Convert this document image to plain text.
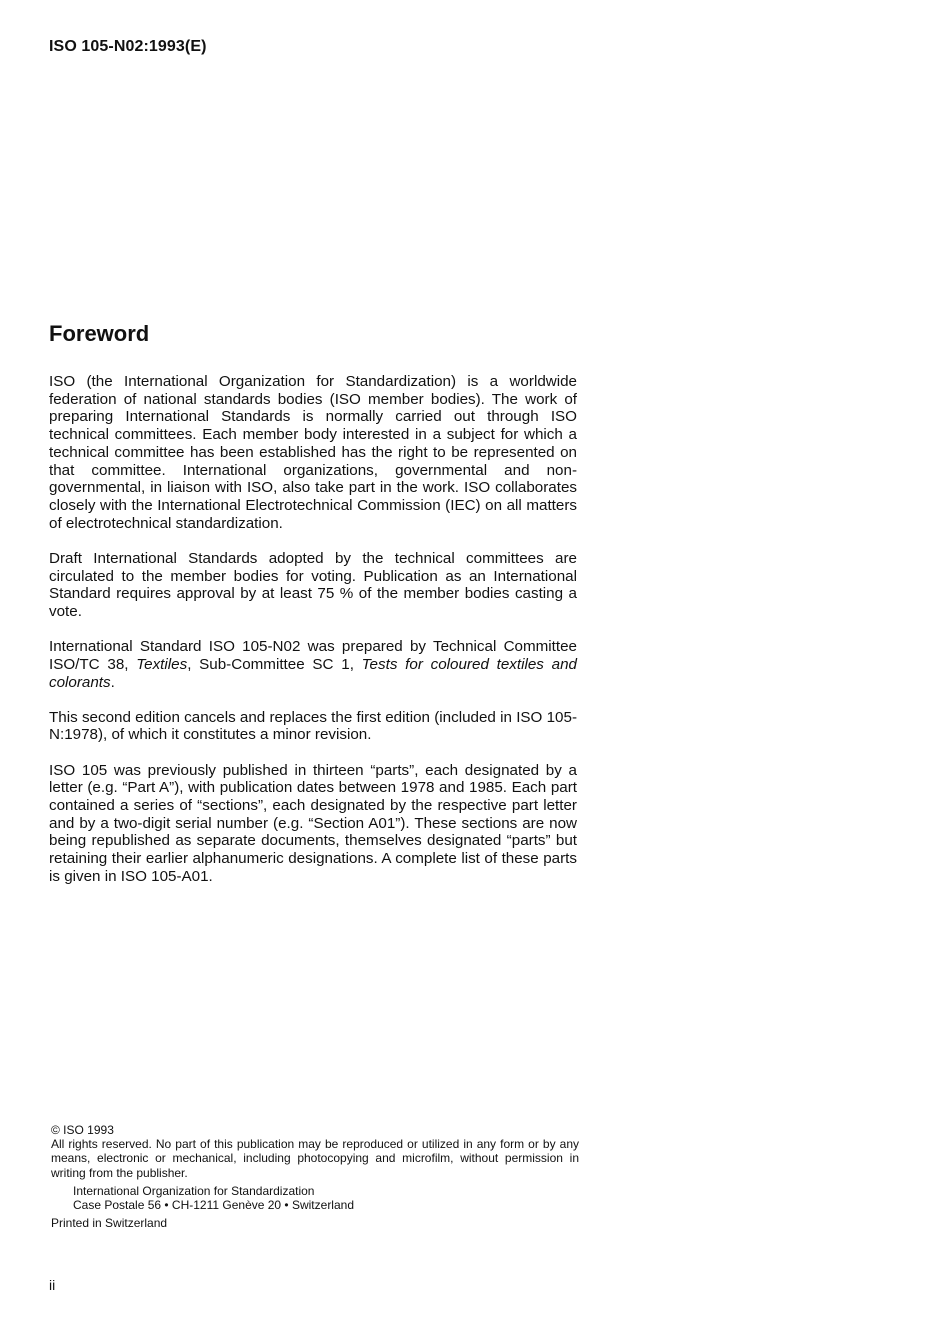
ISO 105-N02:1993(E)
Foreword

ISO (the International Organization for Standardization) is a worldwide federation of national standards bodies (ISO member bodies). The work of preparing International Standards is normally carried out through ISO technical committees. Each member body interested in a subject for which a technical committee has been established has the right to be represented on that committee. International organizations, governmental and non-governmental, in liaison with ISO, also take part in the work. ISO collaborates closely with the International Electrotechnical Commission (IEC) on all matters of electrotechnical standardization.

Draft International Standards adopted by the technical committees are circulated to the member bodies for voting. Publication as an International Standard requires approval by at least 75 % of the member bodies casting a vote.

International Standard ISO 105-N02 was prepared by Technical Committee ISO/TC 38, Textiles, Sub-Committee SC 1, Tests for coloured textiles and colorants.

This second edition cancels and replaces the first edition (included in ISO 105-N:1978), of which it constitutes a minor revision.

ISO 105 was previously published in thirteen “parts”, each designated by a letter (e.g. “Part A”), with publication dates between 1978 and 1985. Each part contained a series of “sections”, each designated by the respective part letter and by a two-digit serial number (e.g. “Section A01”). These sections are now being republished as separate documents, themselves designated “parts” but retaining their earlier alphanumeric designations. A complete list of these parts is given in ISO 105-A01.

© ISO 1993
All rights reserved. No part of this publication may be reproduced or utilized in any form or by any means, electronic or mechanical, including photocopying and microfilm, without permission in writing from the publisher.
International Organization for Standardization
Case Postale 56 • CH-1211 Genève 20 • Switzerland
Printed in Switzerland
ii
